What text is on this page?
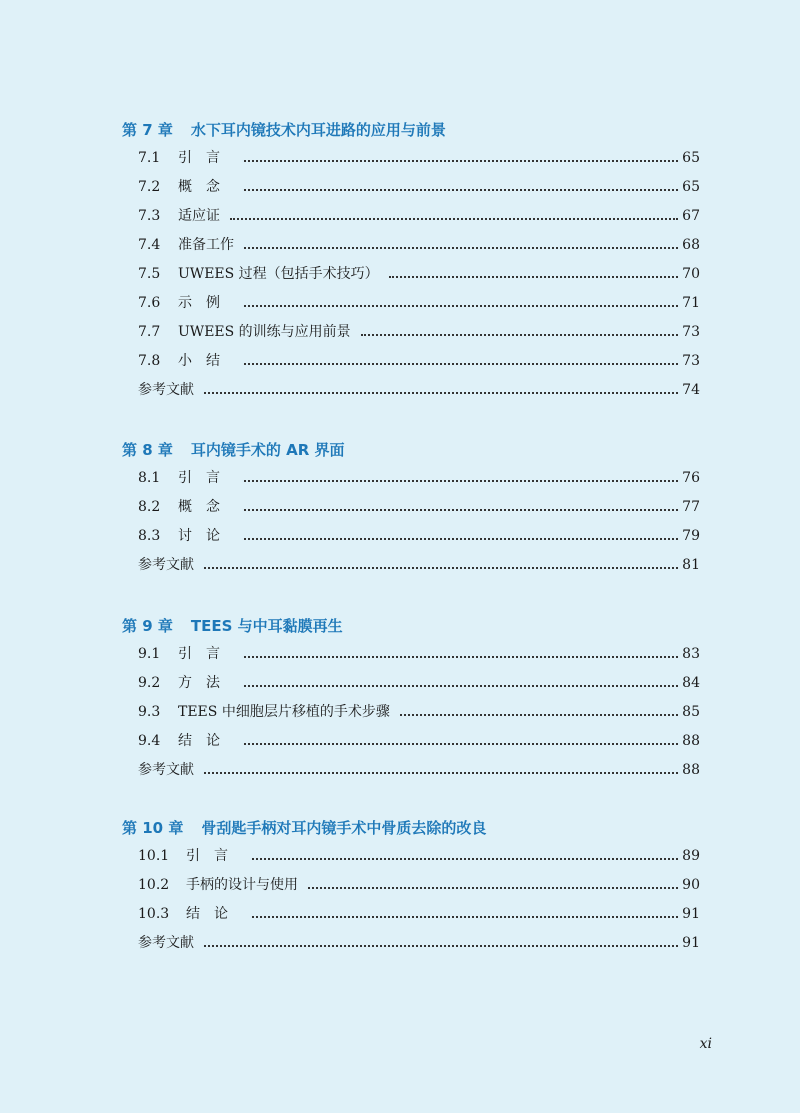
第 7 章 水下耳内镜技术内耳进路的应用与前景
7.1 引言	65
7.2 概念	65
7.3 适应证	67
7.4 准备工作	68
7.5 UWEES 过程（包括手术技巧）	70
7.6 示例	71
7.7 UWEES 的训练与应用前景	73
7.8 小结	73
参考文献	74
第 8 章 耳内镜手术的 AR 界面
8.1 引言	76
8.2 概念	77
8.3 讨论	79
参考文献	81
第 9 章 TEES 与中耳黏膜再生
9.1 引言	83
9.2 方法	84
9.3 TEES 中细胞层片移植的手术步骤	85
9.4 结论	88
参考文献	88
第 10 章 骨刮匙手柄对耳内镜手术中骨质去除的改良
10.1 引言	89
10.2 手柄的设计与使用	90
10.3 结论	91
参考文献	91
xi
